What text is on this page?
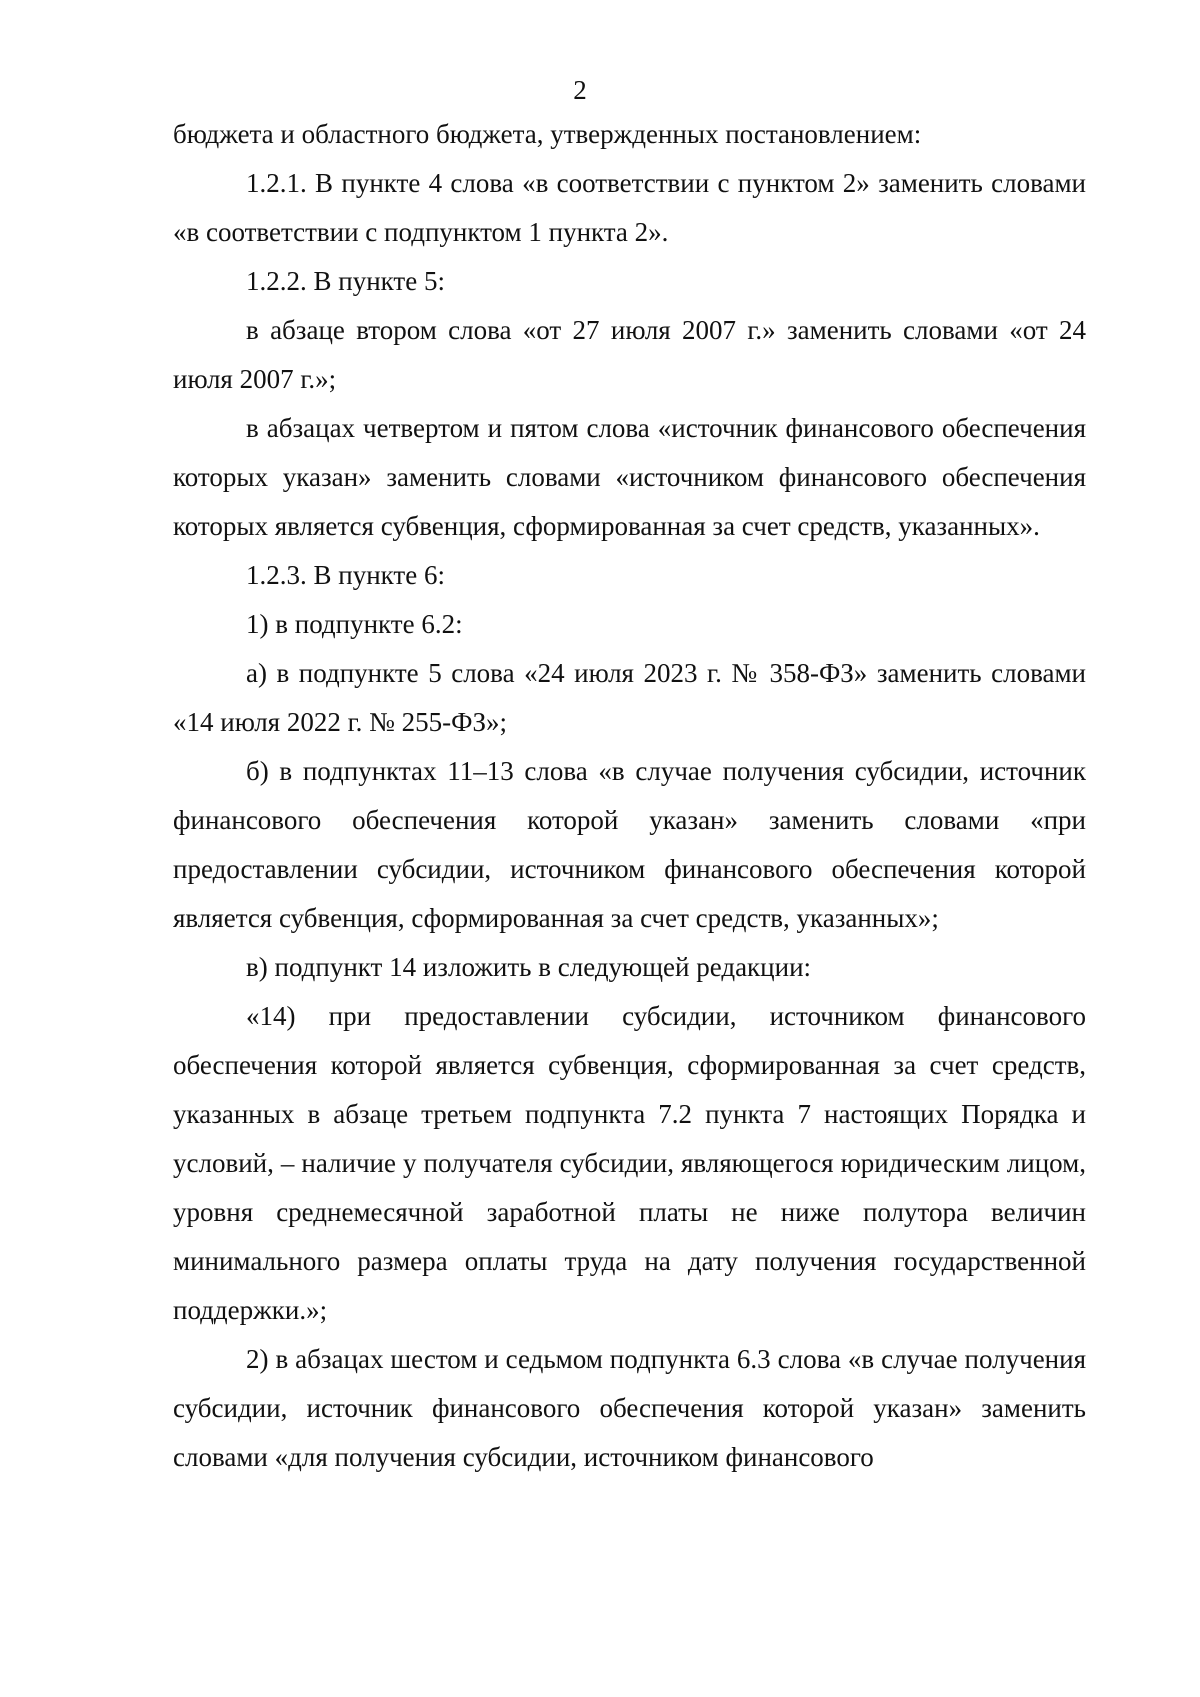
2

бюджета и областного бюджета, утвержденных постановлением:

1.2.1. В пункте 4 слова «в соответствии с пунктом 2» заменить словами «в соответствии с подпунктом 1 пункта 2».

1.2.2. В пункте 5:

в абзаце втором слова «от 27 июля 2007 г.» заменить словами «от 24 июля 2007 г.»;

в абзацах четвертом и пятом слова «источник финансового обеспечения которых указан» заменить словами «источником финансового обеспечения которых является субвенция, сформированная за счет средств, указанных».

1.2.3. В пункте 6:

1) в подпункте 6.2:

а) в подпункте 5 слова «24 июля 2023 г. № 358-ФЗ» заменить словами «14 июля 2022 г. № 255-ФЗ»;

б) в подпунктах 11–13 слова «в случае получения субсидии, источник финансового обеспечения которой указан» заменить словами «при предоставлении субсидии, источником финансового обеспечения которой является субвенция, сформированная за счет средств, указанных»;

в) подпункт 14 изложить в следующей редакции:

«14) при предоставлении субсидии, источником финансового обеспечения которой является субвенция, сформированная за счет средств, указанных в абзаце третьем подпункта 7.2 пункта 7 настоящих Порядка и условий, – наличие у получателя субсидии, являющегося юридическим лицом, уровня среднемесячной заработной платы не ниже полутора величин минимального размера оплаты труда на дату получения государственной поддержки.»;

2) в абзацах шестом и седьмом подпункта 6.3 слова «в случае получения субсидии, источник финансового обеспечения которой указан» заменить словами «для получения субсидии, источником финансового
